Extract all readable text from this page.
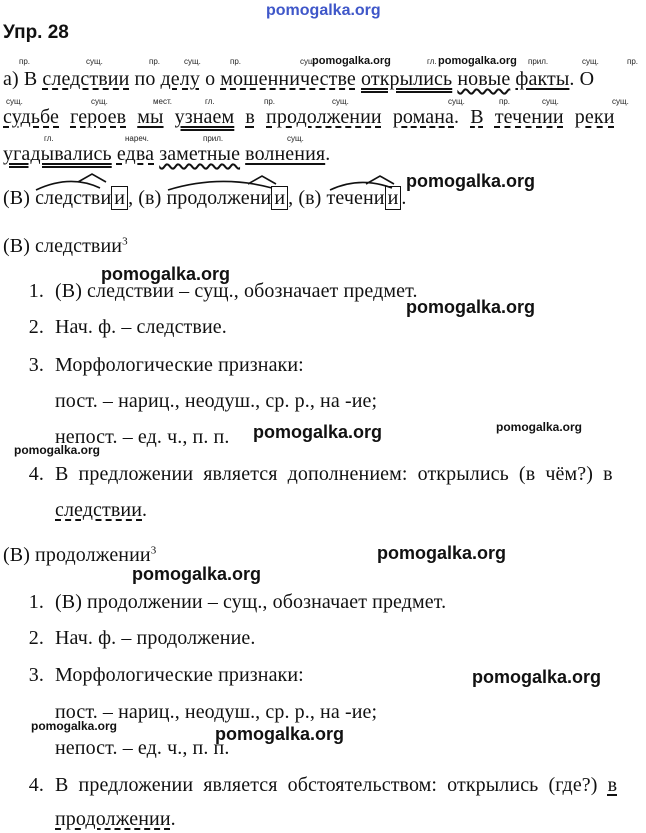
pomogalka.org
Упр. 28
пр.	сущ.	пр.	сущ.	пр.	сущ.	гл.	прил.	сущ.	пр.
pomogalka.org	pomogalka.org
а) В следствии по делу о мошенничестве открылись новые факты. О
сущ.	сущ.	мест.	гл.	пр.	сущ.	сущ.	пр.	сущ.	сущ.
судьбе героев мы узнаем в продолжении романа. В течении реки
гл.	нареч.	прил.	сущ.
угадывались едва заметные волнения.
(В) следстви и , (в) продолжени и , (в) течени и .
pomogalka.org
(В) следствии$^3$
pomogalka.org
1. (В) следствии – сущ., обозначает предмет.
pomogalka.org
2. Нач. ф. – следствие.
3. Морфологические признаки:
пост. – нариц., неодуш., ср. р., на -ие;
непост. – ед. ч., п. п. pomogalka.org	pomogalka.org
pomogalka.org
4. В предложении является дополнением: открылись (в чём?) в
следствии.
(В) продолжении$^3$	pomogalka.org
pomogalka.org
1. (В) продолжении – сущ., обозначает предмет.
2. Нач. ф. – продолжение.
3. Морфологические признаки:	pomogalka.org
пост. – нариц., неодуш., ср. р., на -ие;
pomogalka.org	pomogalka.org
непост. – ед. ч., п. п.
4. В предложении является обстоятельством: открылись (где?) в
продолжении.
